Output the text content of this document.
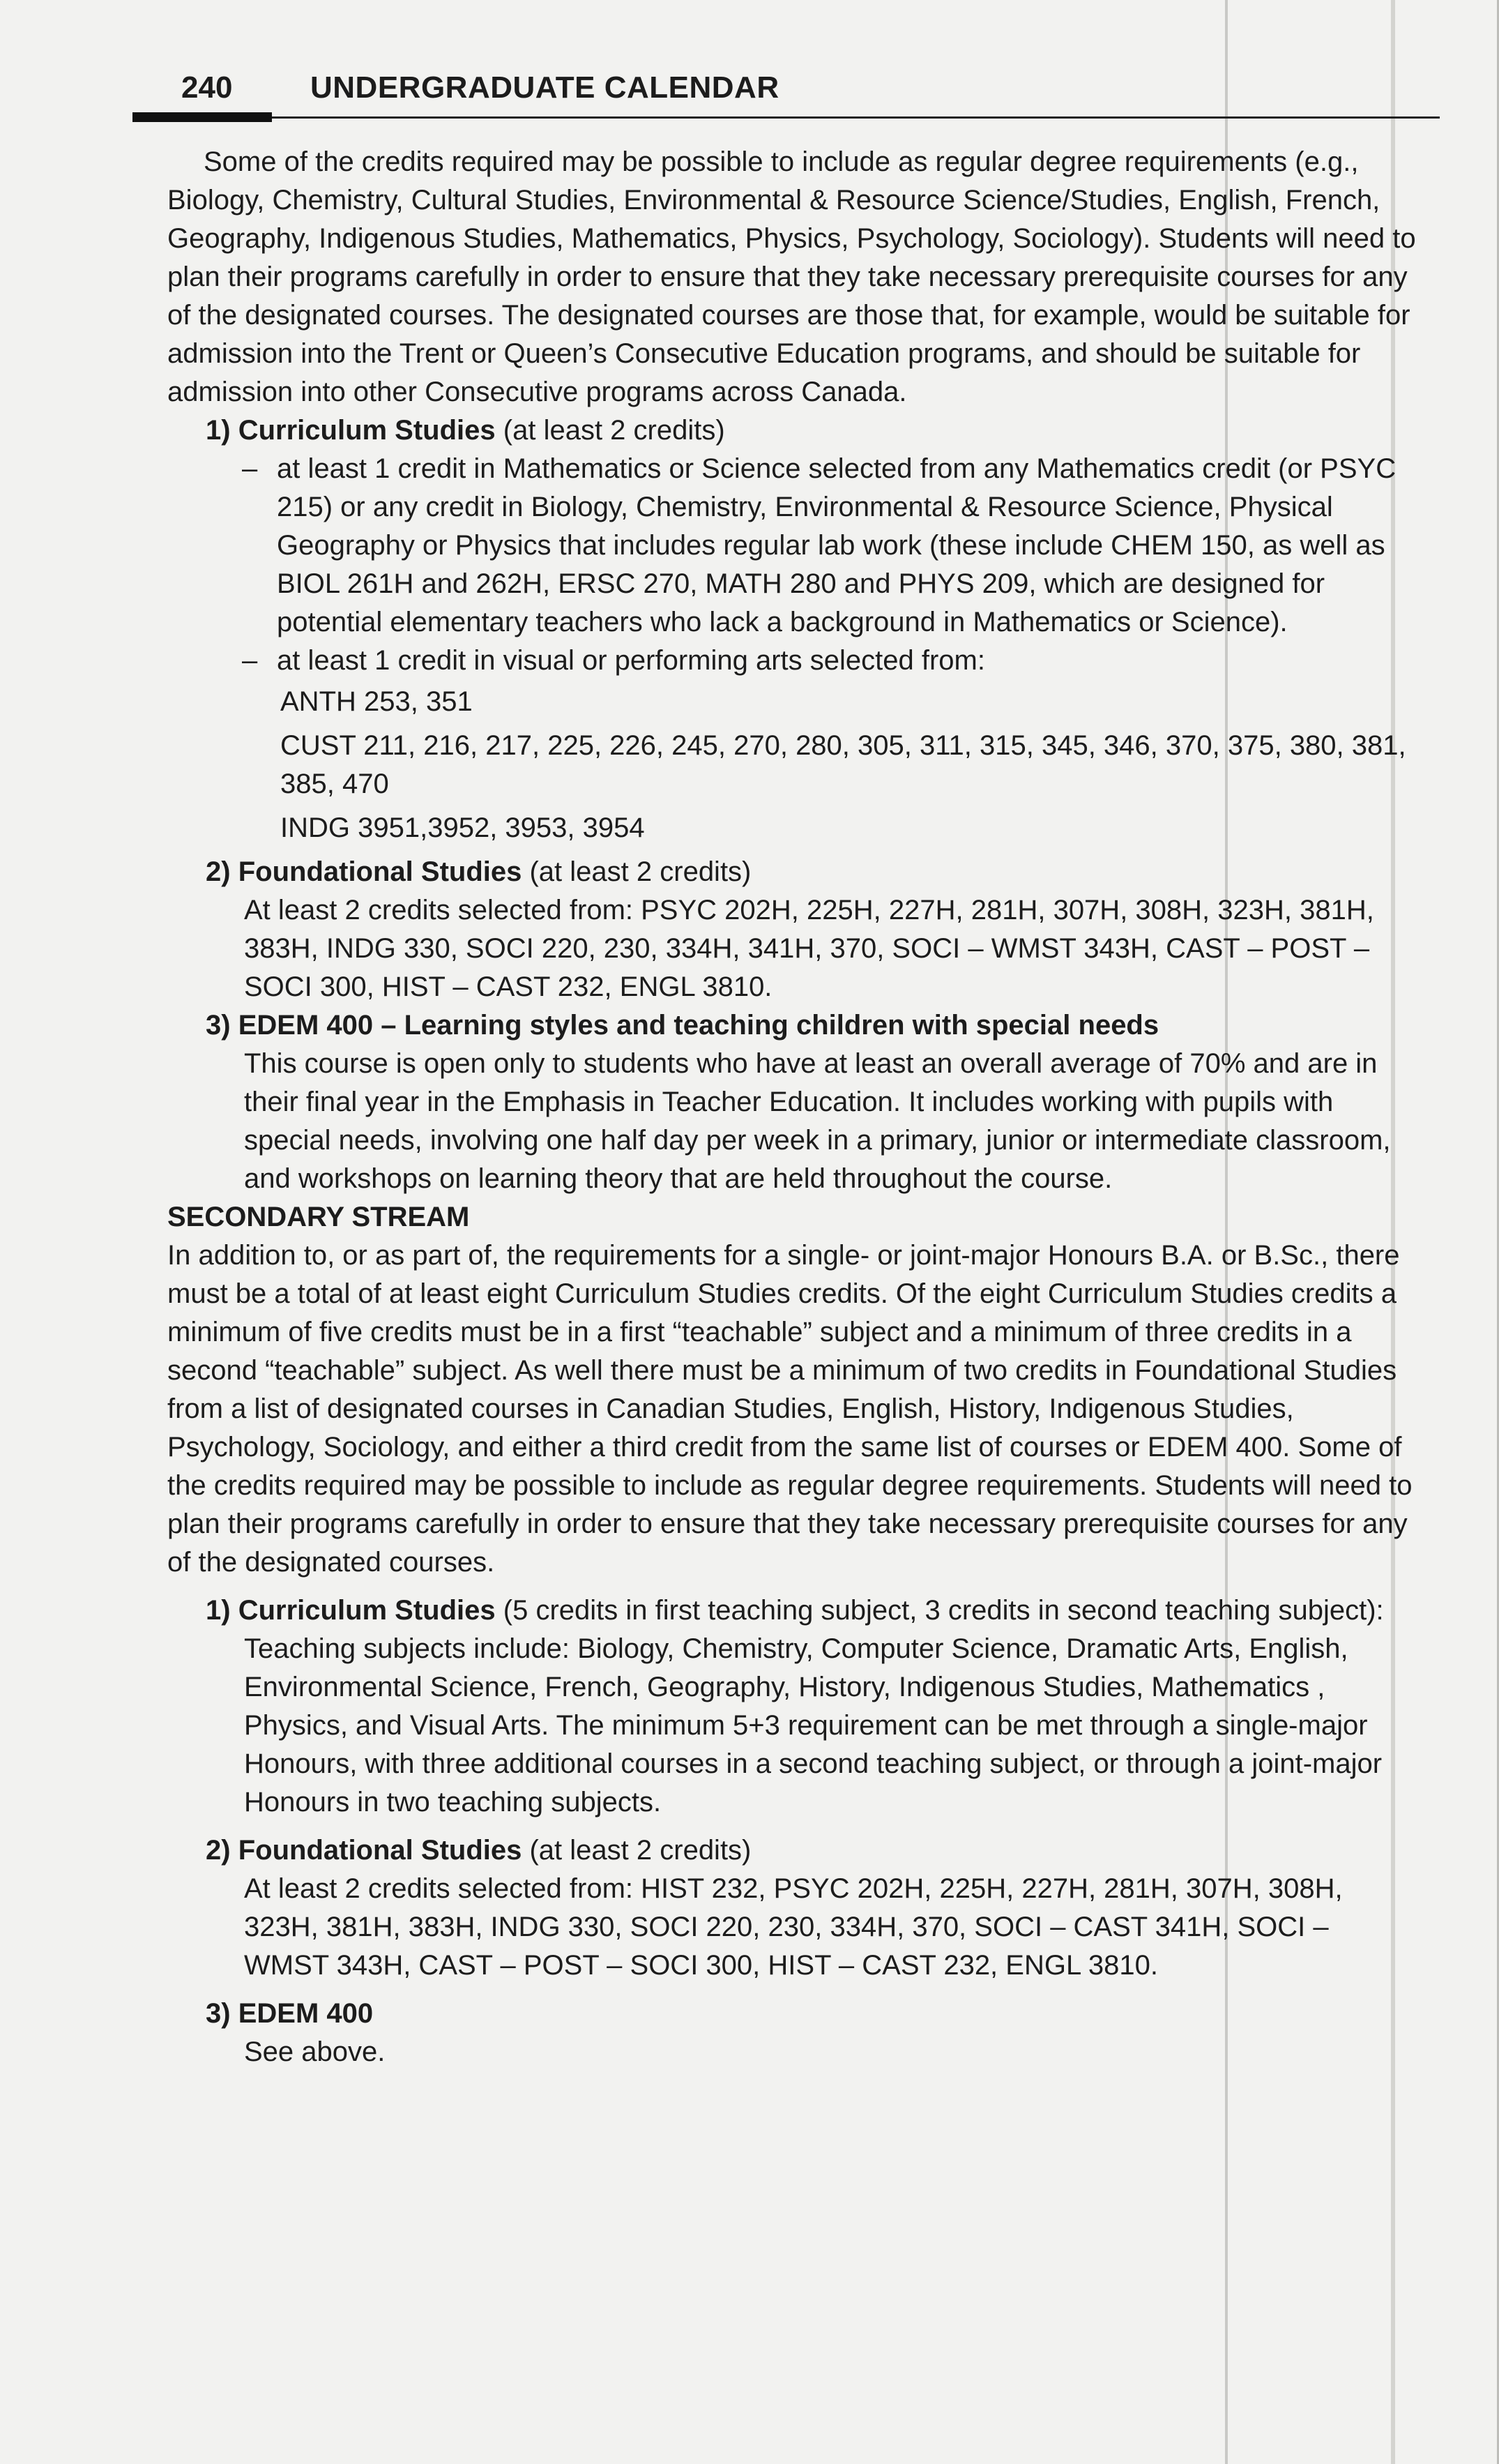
240	UNDERGRADUATE CALENDAR

Some of the credits required may be possible to include as regular degree requirements (e.g., Biology, Chemistry, Cultural Studies, Environmental & Resource Science/Studies, English, French, Geography, Indigenous Studies, Mathematics, Physics, Psychology, Sociology). Students will need to plan their programs carefully in order to ensure that they take necessary prerequisite courses for any of the designated courses. The designated courses are those that, for example, would be suitable for admission into the Trent or Queen’s Consecutive Education programs, and should be suitable for admission into other Consecutive programs across Canada.

1) Curriculum Studies (at least 2 credits)

– at least 1 credit in Mathematics or Science selected from any Mathematics credit (or PSYC 215) or any credit in Biology, Chemistry, Environmental & Resource Science, Physical Geography or Physics that includes regular lab work (these include CHEM 150, as well as BIOL 261H and 262H, ERSC 270, MATH 280 and PHYS 209, which are designed for potential elementary teachers who lack a background in Mathematics or Science).
– at least 1 credit in visual or performing arts selected from:

ANTH 253, 351

CUST 211, 216, 217, 225, 226, 245, 270, 280, 305, 311, 315, 345, 346, 370, 375, 380, 381, 385, 470

INDG 3951,3952, 3953, 3954

2) Foundational Studies (at least 2 credits)

At least 2 credits selected from: PSYC 202H, 225H, 227H, 281H, 307H, 308H, 323H, 381H, 383H, INDG 330, SOCI 220, 230, 334H, 341H, 370, SOCI – WMST 343H, CAST – POST – SOCI 300, HIST – CAST 232, ENGL 3810.

3) EDEM 400 – Learning styles and teaching children with special needs

This course is open only to students who have at least an overall average of 70% and are in their final year in the Emphasis in Teacher Education. It includes working with pupils with special needs, involving one half day per week in a primary, junior or intermediate classroom, and workshops on learning theory that are held throughout the course.

SECONDARY STREAM

In addition to, or as part of, the requirements for a single- or joint-major Honours B.A. or B.Sc., there must be a total of at least eight Curriculum Studies credits. Of the eight Curriculum Studies credits a minimum of five credits must be in a first “teachable” subject and a minimum of three credits in a second “teachable” subject. As well there must be a minimum of two credits in Foundational Studies from a list of designated courses in Canadian Studies, English, History, Indigenous Studies, Psychology, Sociology, and either a third credit from the same list of courses or EDEM 400. Some of the credits required may be possible to include as regular degree requirements. Students will need to plan their programs carefully in order to ensure that they take necessary prerequisite courses for any of the designated courses.

1) Curriculum Studies (5 credits in first teaching subject, 3 credits in second teaching subject):

Teaching subjects include: Biology, Chemistry, Computer Science, Dramatic Arts, English, Environmental Science, French, Geography, History, Indigenous Studies, Mathematics , Physics, and Visual Arts. The minimum 5+3 requirement can be met through a single-major Honours, with three additional courses in a second teaching subject, or through a joint-major Honours in two teaching subjects.

2) Foundational Studies (at least 2 credits)

At least 2 credits selected from: HIST 232, PSYC 202H, 225H, 227H, 281H, 307H, 308H, 323H, 381H, 383H, INDG 330, SOCI 220, 230, 334H, 370, SOCI – CAST 341H, SOCI – WMST 343H, CAST – POST – SOCI 300, HIST – CAST 232, ENGL 3810.

3) EDEM 400

See above.
